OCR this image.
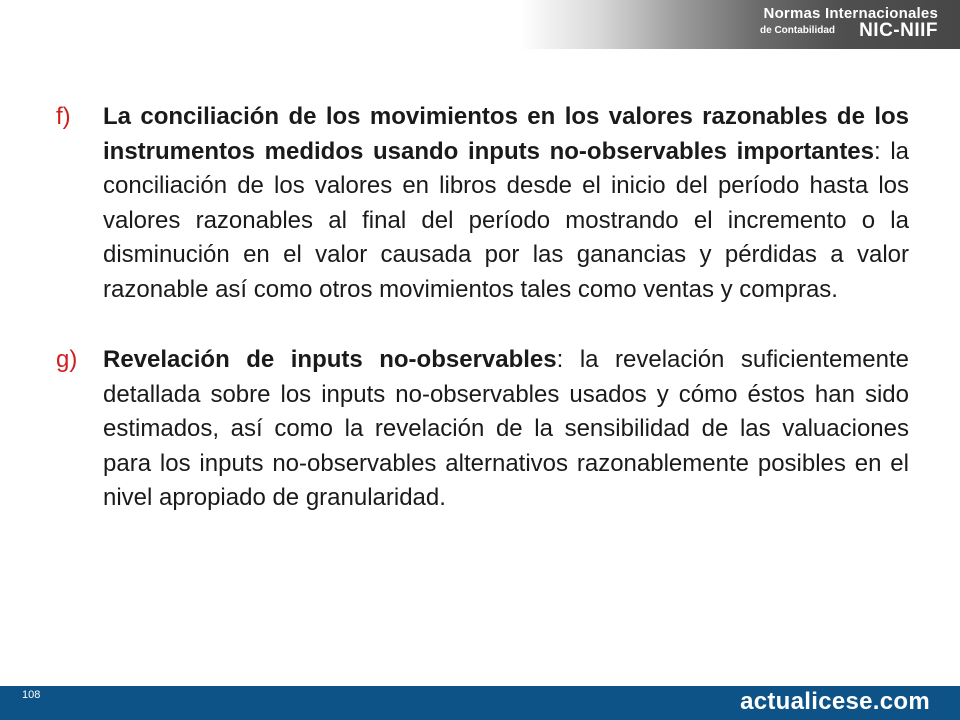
Normas Internacionales
de Contabilidad NIC-NIIF
f) La conciliación de los movimientos en los valores razonables de los instrumentos medidos usando inputs no-observables importantes: la conciliación de los valores en libros desde el inicio del período hasta los valores razonables al final del período mostrando el incremento o la disminución en el valor causada por las ganancias y pérdidas a valor razonable así como otros movimientos tales como ventas y compras.
g) Revelación de inputs no-observables: la revelación suficientemente detallada sobre los inputs no-observables usados y cómo éstos han sido estimados, así como la revelación de la sensibilidad de las valuaciones para los inputs no-observables alternativos razonablemente posibles en el nivel apropiado de granularidad.
108	actualicese.com
